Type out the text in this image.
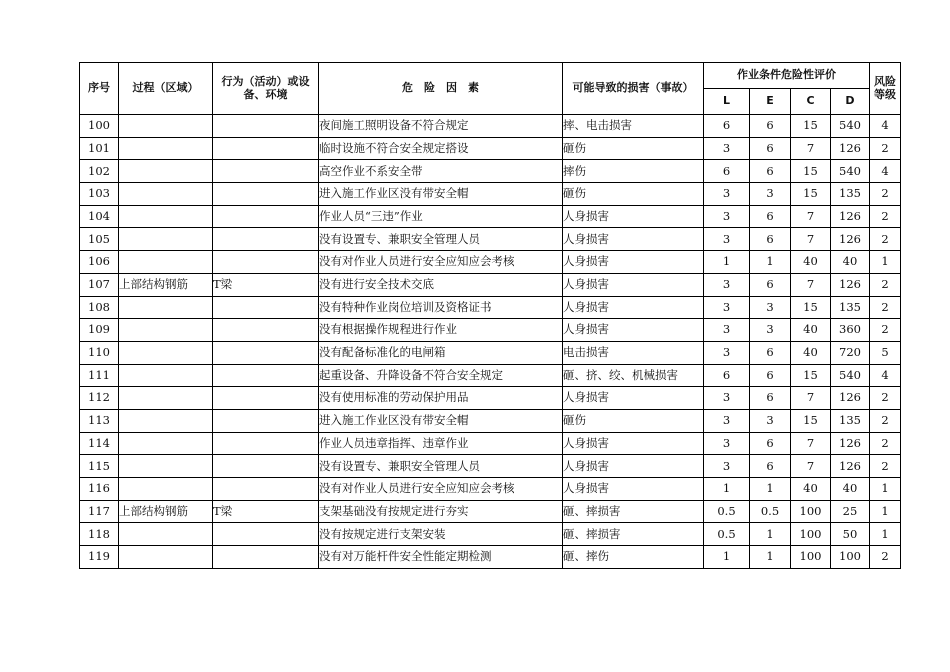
序号	过程（区域）	行为（活动）或设备、环境	危　险　因　素	可能导致的损害（事故）	作业条件危险性评价				风险等级
					L	E	C	D	
100			夜间施工照明设备不符合规定	摔、电击损害	6	6	15	540	4
101			临时设施不符合安全规定搭设	砸伤	3	6	7	126	2
102			高空作业不系安全带	摔伤	6	6	15	540	4
103			进入施工作业区没有带安全帽	砸伤	3	3	15	135	2
104			作业人员“三违”作业	人身损害	3	6	7	126	2
105			没有设置专、兼职安全管理人员	人身损害	3	6	7	126	2
106			没有对作业人员进行安全应知应会考核	人身损害	1	1	40	40	1
107	上部结构钢筋	T梁	没有进行安全技术交底	人身损害	3	6	7	126	2
108			没有特种作业岗位培训及资格证书	人身损害	3	3	15	135	2
109			没有根据操作规程进行作业	人身损害	3	3	40	360	2
110			没有配备标准化的电闸箱	电击损害	3	6	40	720	5
111			起重设备、升降设备不符合安全规定	砸、挤、绞、机械损害	6	6	15	540	4
112			没有使用标准的劳动保护用品	人身损害	3	6	7	126	2
113			进入施工作业区没有带安全帽	砸伤	3	3	15	135	2
114			作业人员违章指挥、违章作业	人身损害	3	6	7	126	2
115			没有设置专、兼职安全管理人员	人身损害	3	6	7	126	2
116			没有对作业人员进行安全应知应会考核	人身损害	1	1	40	40	1
117	上部结构钢筋	T梁	支架基础没有按规定进行夯实	砸、摔损害	0.5	0.5	100	25	1
118			没有按规定进行支架安装	砸、摔损害	0.5	1	100	50	1
119			没有对万能杆件安全性能定期检测	砸、摔伤	1	1	100	100	2
